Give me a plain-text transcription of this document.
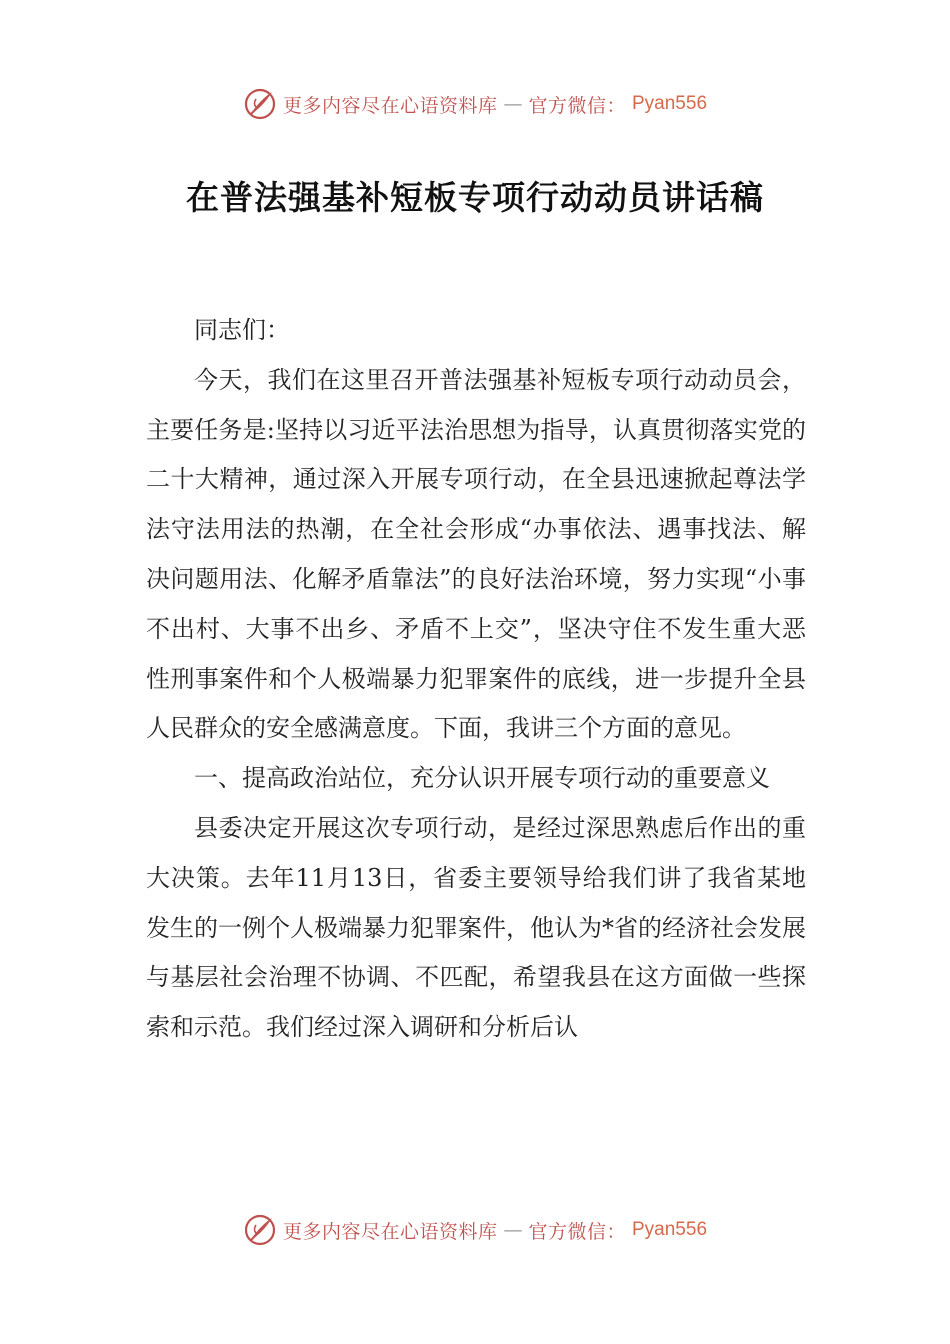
更多内容尽在心语资料库 — 官方微信： Pyan556
在普法强基补短板专项行动动员讲话稿

同志们：

今天，我们在这里召开普法强基补短板专项行动动员会，主要任务是:坚持以习近平法治思想为指导，认真贯彻落实党的二十大精神，通过深入开展专项行动，在全县迅速掀起尊法学法守法用法的热潮，在全社会形成“办事依法、遇事找法、解决问题用法、化解矛盾靠法”的良好法治环境，努力实现“小事不出村、大事不出乡、矛盾不上交”，坚决守住不发生重大恶性刑事案件和个人极端暴力犯罪案件的底线，进一步提升全县人民群众的安全感满意度。下面，我讲三个方面的意见。

一、提高政治站位，充分认识开展专项行动的重要意义

县委决定开展这次专项行动，是经过深思熟虑后作出的重大决策。去年11月13日，省委主要领导给我们讲了我省某地发生的一例个人极端暴力犯罪案件，他认为*省的经济社会发展与基层社会治理不协调、不匹配，希望我县在这方面做一些探索和示范。我们经过深入调研和分析后认

更多内容尽在心语资料库 — 官方微信： Pyan556
